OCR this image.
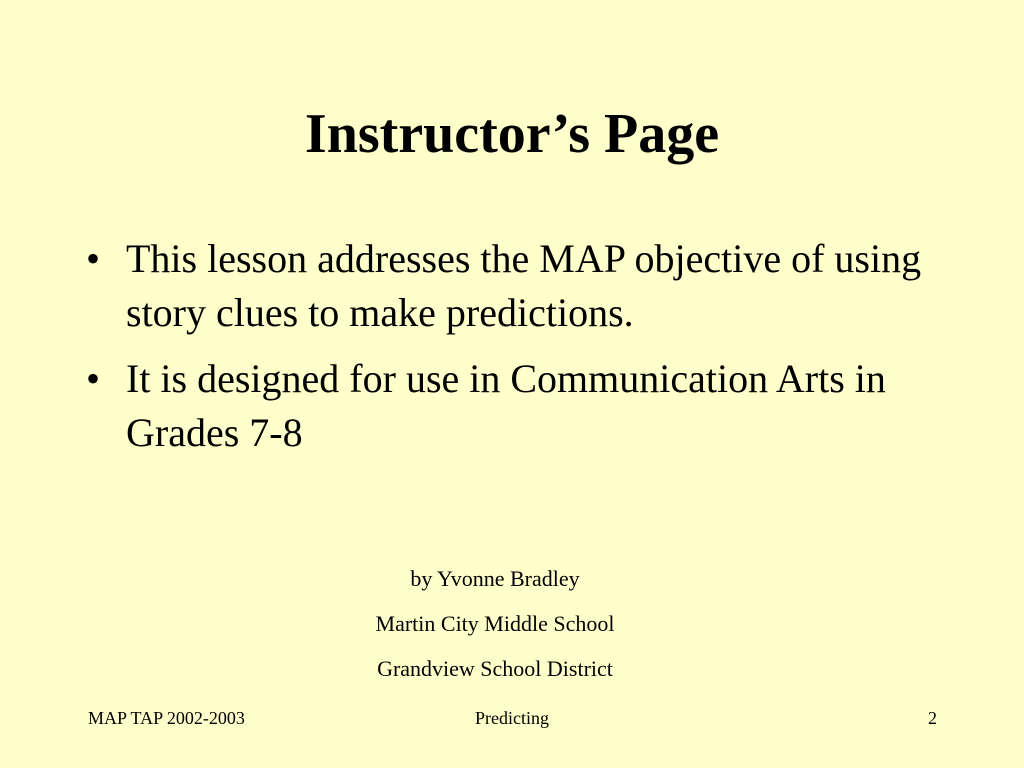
Instructor’s Page
• This lesson addresses the MAP objective of using story clues to make predictions.
• It is designed for use in Communication Arts in Grades 7-8
by Yvonne Bradley
Martin City Middle School
Grandview School District
Predicting
MAP TAP 2002-2003	2
